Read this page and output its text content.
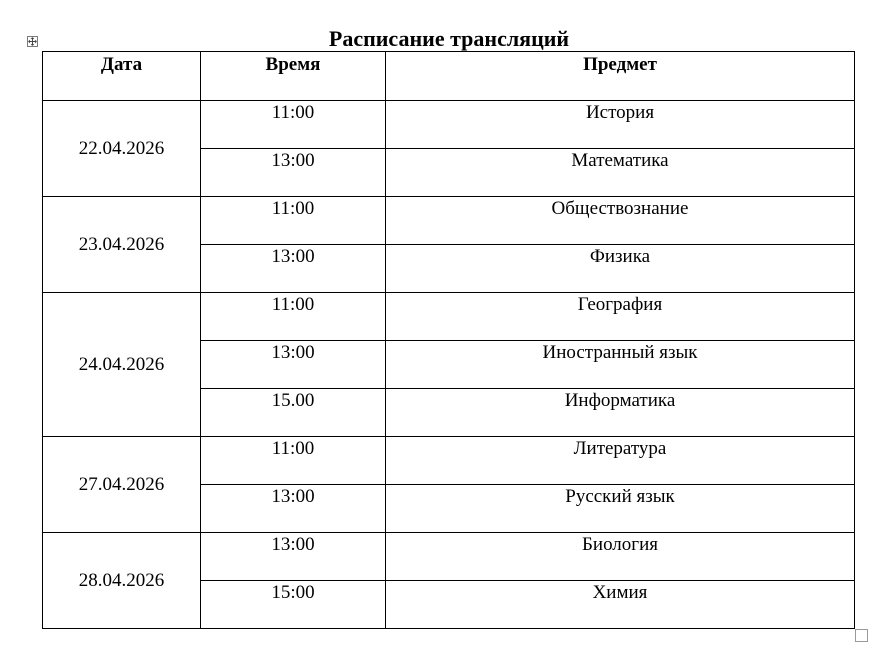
Расписание трансляций
Дата	Время	Предмет
22.04.2026	11:00	История
	13:00	Математика
23.04.2026	11:00	Обществознание
	13:00	Физика
24.04.2026	11:00	География
	13:00	Иностранный язык
	15.00	Информатика
27.04.2026	11:00	Литература
	13:00	Русский язык
28.04.2026	13:00	Биология
	15:00	Химия
